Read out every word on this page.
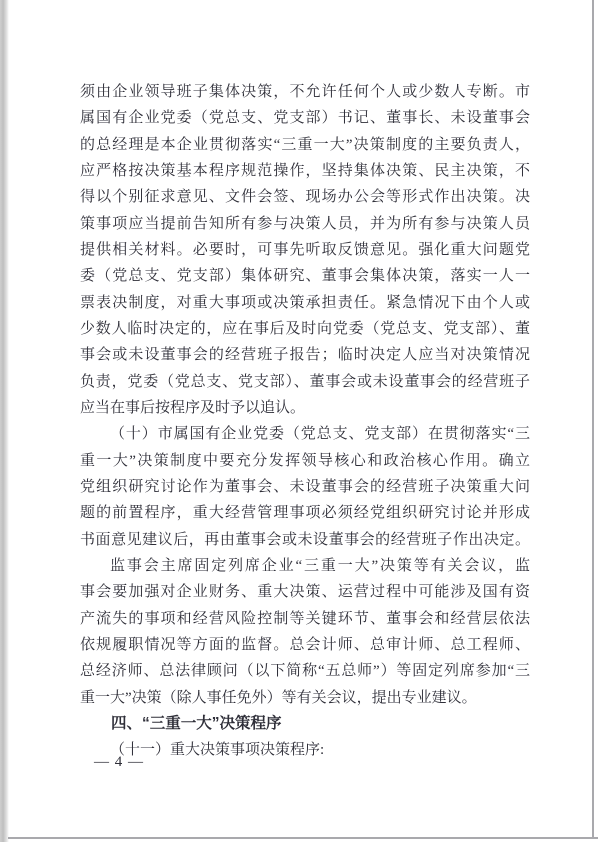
须由企业领导班子集体决策，不允许任何个人或少数人专断。市
属国有企业党委（党总支、党支部）书记、董事长、未设董事会
的总经理是本企业贯彻落实“三重一大”决策制度的主要负责人，
应严格按决策基本程序规范操作，坚持集体决策、民主决策，不
得以个别征求意见、文件会签、现场办公会等形式作出决策。决
策事项应当提前告知所有参与决策人员，并为所有参与决策人员
提供相关材料。必要时，可事先听取反馈意见。强化重大问题党
委（党总支、党支部）集体研究、董事会集体决策，落实一人一
票表决制度，对重大事项或决策承担责任。紧急情况下由个人或
少数人临时决定的，应在事后及时向党委（党总支、党支部）、董
事会或未设董事会的经营班子报告；临时决定人应当对决策情况
负责，党委（党总支、党支部）、董事会或未设董事会的经营班子
应当在事后按程序及时予以追认。
（十）市属国有企业党委（党总支、党支部）在贯彻落实“三
重一大”决策制度中要充分发挥领导核心和政治核心作用。确立
党组织研究讨论作为董事会、未设董事会的经营班子决策重大问
题的前置程序，重大经营管理事项必须经党组织研究讨论并形成
书面意见建议后，再由董事会或未设董事会的经营班子作出决定。
监事会主席固定列席企业“三重一大”决策等有关会议，监
事会要加强对企业财务、重大决策、运营过程中可能涉及国有资
产流失的事项和经营风险控制等关键环节、董事会和经营层依法
依规履职情况等方面的监督。总会计师、总审计师、总工程师、
总经济师、总法律顾问（以下简称“五总师”）等固定列席参加“三
重一大”决策（除人事任免外）等有关会议，提出专业建议。
四、“三重一大”决策程序
（十一）重大决策事项决策程序:
— 4 —
